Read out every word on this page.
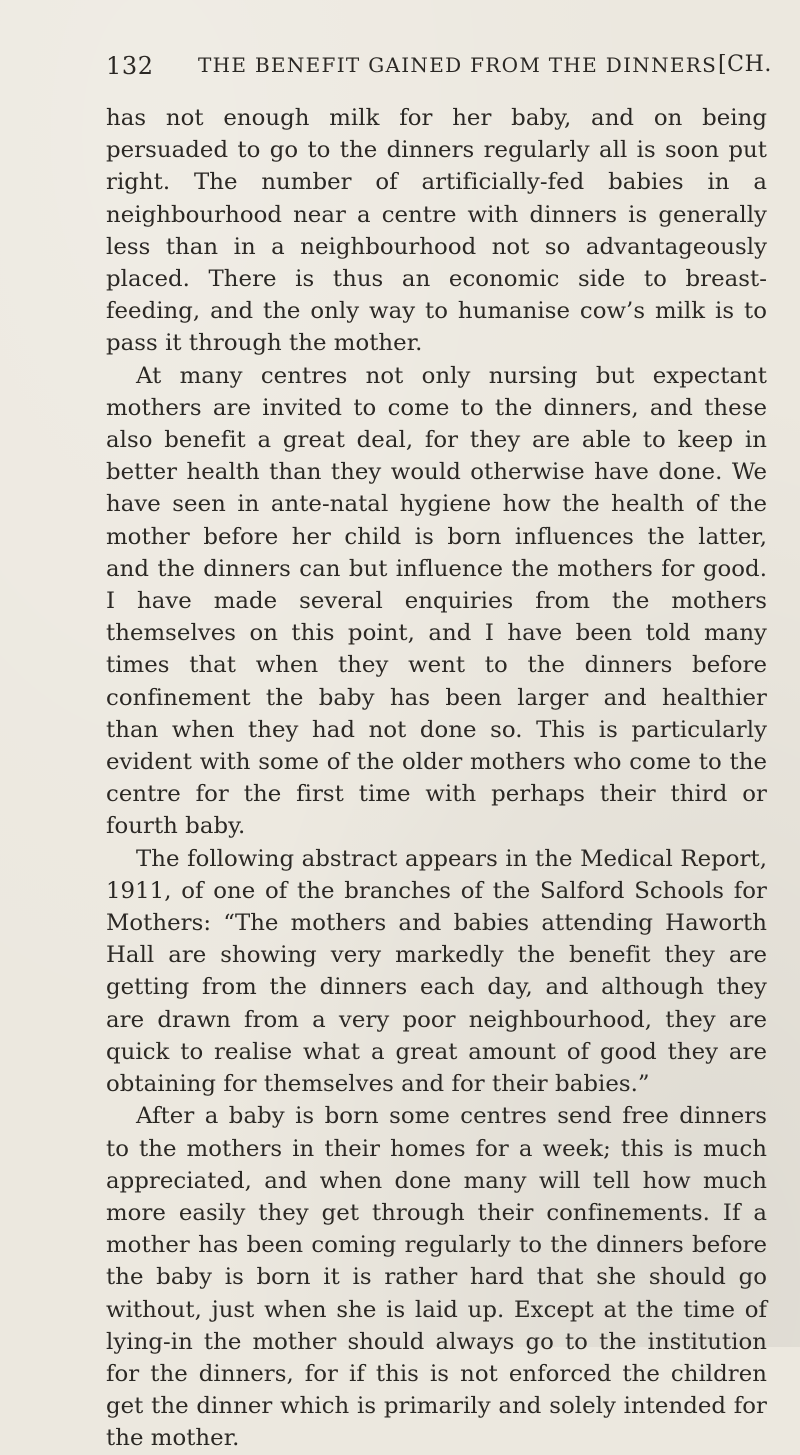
132 THE BENEFIT GAINED FROM THE DINNERS [CH.

has not enough milk for her baby, and on being persuaded to go to the dinners regularly all is soon put right. The number of artificially-fed babies in a neighbourhood near a centre with dinners is generally less than in a neighbourhood not so advantageously placed. There is thus an economic side to breast-feeding, and the only way to humanise cow’s milk is to pass it through the mother.

At many centres not only nursing but expectant mothers are invited to come to the dinners, and these also benefit a great deal, for they are able to keep in better health than they would otherwise have done. We have seen in ante-natal hygiene how the health of the mother before her child is born influences the latter, and the dinners can but influence the mothers for good. I have made several enquiries from the mothers themselves on this point, and I have been told many times that when they went to the dinners before confinement the baby has been larger and healthier than when they had not done so. This is particularly evident with some of the older mothers who come to the centre for the first time with perhaps their third or fourth baby.

The following abstract appears in the Medical Report, 1911, of one of the branches of the Salford Schools for Mothers: “The mothers and babies attending Haworth Hall are showing very markedly the benefit they are getting from the dinners each day, and although they are drawn from a very poor neighbourhood, they are quick to realise what a great amount of good they are obtaining for themselves and for their babies.”

After a baby is born some centres send free dinners to the mothers in their homes for a week; this is much appreciated, and when done many will tell how much more easily they get through their confinements. If a mother has been coming regularly to the dinners before the baby is born it is rather hard that she should go without, just when she is laid up. Except at the time of lying-in the mother should always go to the institution for the dinners, for if this is not enforced the children get the dinner which is primarily and solely intended for the mother.
